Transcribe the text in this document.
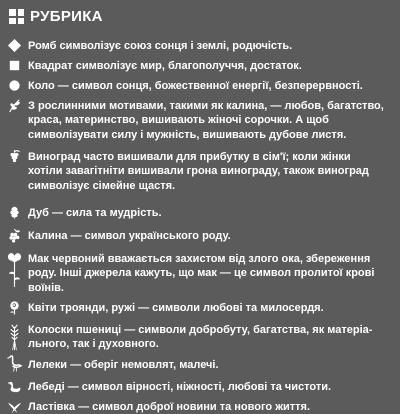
РУБРИКА
Ромб символізує союз сонця і землі, родючість.
Квадрат символізує мир, благополуччя, достаток.
Коло — символ сонця, божественної енергії, безперервності.
З рослинними мотивами, такими як калина, — любов, багатство,
краса, материнство, вишивають жіночі сорочки. А щоб
символізувати силу і мужність, вишивають дубове листя.
Виноград часто вишивали для прибутку в сім'ї; коли жінки
хотіли завагітніти вишивали грона винограду, також виноград
символізує сімейне щастя.
Дуб — сила та мудрість.
Калина — символ українського роду.
Мак червоний вважається захистом від злого ока, збереження
роду. Інші джерела кажуть, що мак — це символ пролитої крові
воїнів.
Квіти троянди, ружі — символи любові та милосердя.
Колоски пшениці — символи добробуту, багатства, як матеріа-
льного, так і духовного.
Лелеки — оберіг немовлят, малечі.
Лебеді — символ вірності, ніжності, любові та чистоти.
Ластівка — символ доброї новини та нового життя.
